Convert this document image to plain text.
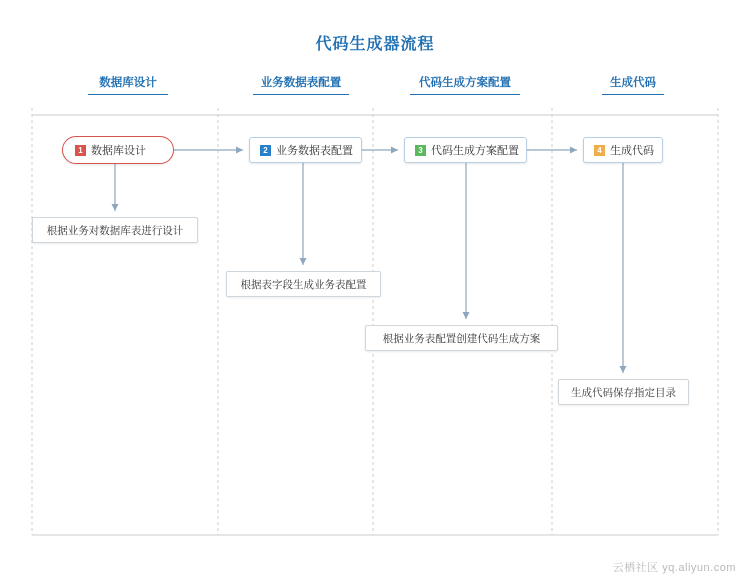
代码生成器流程
数据库设计	业务数据表配置	代码生成方案配置	生成代码
1 数据库设计	2 业务数据表配置	3 代码生成方案配置	4 生成代码
根据业务对数据库表进行设计
根据表字段生成业务表配置
根据业务表配置创建代码生成方案
生成代码保存指定目录
云栖社区 yq.aliyun.com
